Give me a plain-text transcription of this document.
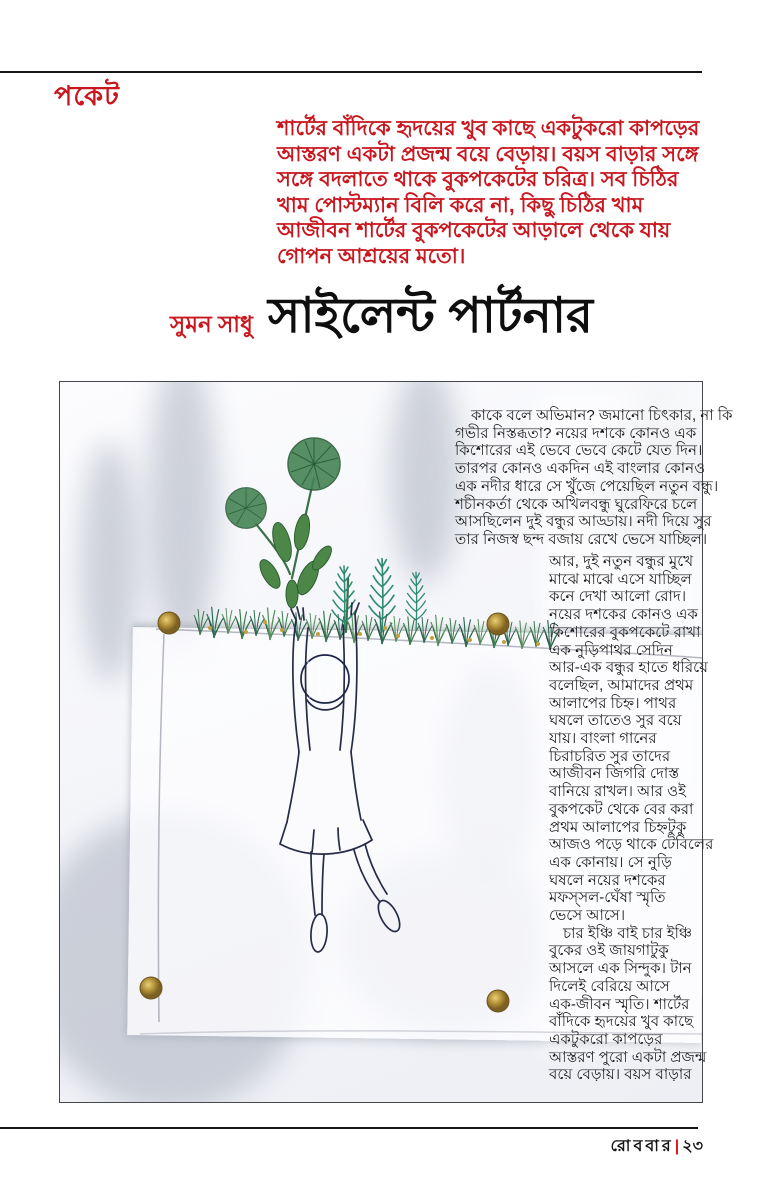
পকেট
শার্টের বাঁদিকে হৃদয়ের খুব কাছে একটুকরো কাপড়ের
আস্তরণ একটা প্রজন্ম বয়ে বেড়ায়। বয়স বাড়ার সঙ্গে
সঙ্গে বদলাতে থাকে বুকপকেটের চরিত্র। সব চিঠির
খাম পোস্টম্যান বিলি করে না, কিছু চিঠির খাম
আজীবন শার্টের বুকপকেটের আড়ালে থেকে যায়
গোপন আশ্রয়ের মতো।
সুমন সাধু সাইলেন্ট পার্টনার
কাকে বলে অভিমান? জমানো চিৎকার, না কি
গভীর নিস্তব্ধতা? নয়ের দশকে কোনও এক
কিশোরের এই ভেবে ভেবে কেটে যেত দিন।
তারপর কোনও একদিন এই বাংলার কোনও
এক নদীর ধারে সে খুঁজে পেয়েছিল নতুন বন্ধু।
শচীনকর্তা থেকে অখিলবন্ধু ঘুরেফিরে চলে
আসছিলেন দুই বন্ধুর আড্ডায়। নদী দিয়ে সুর
তার নিজস্ব ছন্দ বজায় রেখে ভেসে যাচ্ছিল।
আর, দুই নতুন বন্ধুর মুখে
মাঝে মাঝে এসে যাচ্ছিল
কনে দেখা আলো রোদ।
নয়ের দশকের কোনও এক
কিশোরের বুকপকেটে রাখা
এক নুড়িপাথর সেদিন
আর-এক বন্ধুর হাতে ধরিয়ে
বলেছিল, আমাদের প্রথম
আলাপের চিহ্ন। পাথর
ঘষলে তাতেও সুর বয়ে
যায়। বাংলা গানের
চিরাচরিত সুর তাদের
আজীবন জিগরি দোস্ত
বানিয়ে রাখল। আর ওই
বুকপকেট থেকে বের করা
প্রথম আলাপের চিহ্নটুকু
আজও পড়ে থাকে টেবিলের
এক কোনায়। সে নুড়ি
ঘষলে নয়ের দশকের
মফস্সল-ঘেঁষা স্মৃতি
ভেসে আসে।
চার ইঞ্চি বাই চার ইঞ্চি
বুকের ওই জায়গাটুকু
আসলে এক সিন্দুক। টান
দিলেই বেরিয়ে আসে
এক-জীবন স্মৃতি। শার্টের
বাঁদিকে হৃদয়ের খুব কাছে
একটুকরো কাপড়ের
আস্তরণ পুরো একটা প্রজন্ম
বয়ে বেড়ায়। বয়স বাড়ার
রোববার| ২৩
